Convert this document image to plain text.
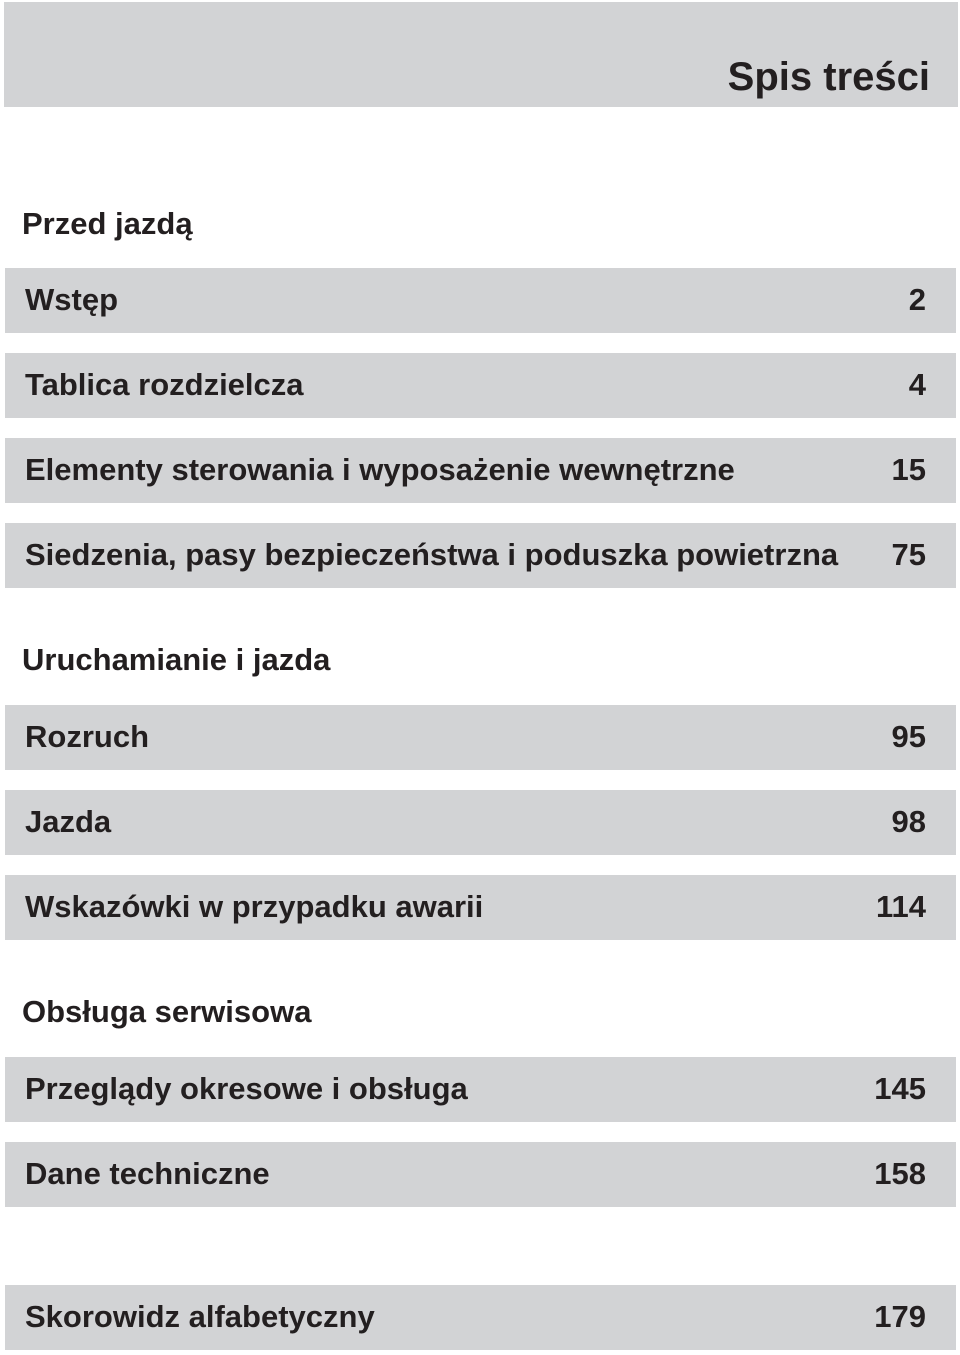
Spis treści
Przed jazdą
Wstęp	2
Tablica rozdzielcza	4
Elementy sterowania i wyposażenie wewnętrzne	15
Siedzenia, pasy bezpieczeństwa i poduszka powietrzna 75
Uruchamianie i jazda
Rozruch	95
Jazda	98
Wskazówki w przypadku awarii	114
Obsługa serwisowa
Przeglądy okresowe i obsługa	145
Dane techniczne	158
Skorowidz alfabetyczny	179
